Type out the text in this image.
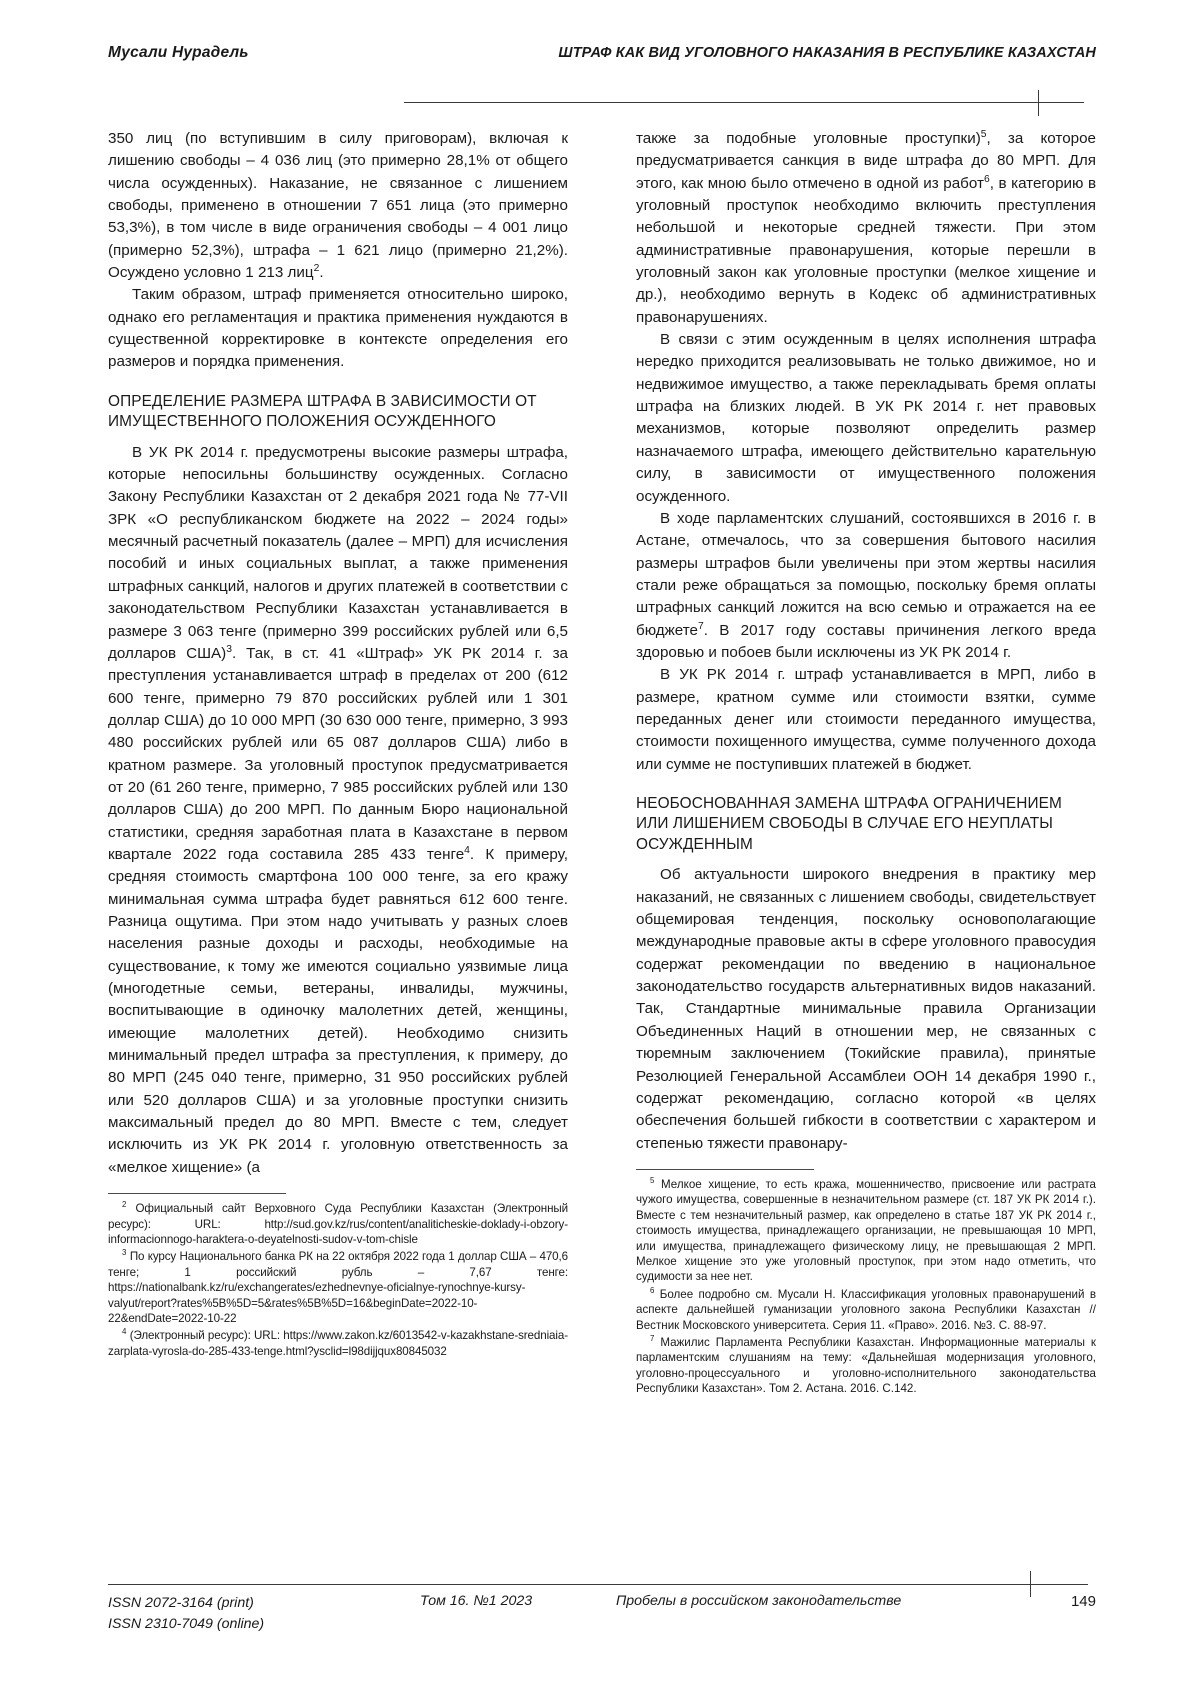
Мусали Нурадель	ШТРАФ КАК ВИД УГОЛОВНОГО НАКАЗАНИЯ В РЕСПУБЛИКЕ КАЗАХСТАН

350 лиц (по вступившим в силу приговорам), включая к лишению свободы – 4 036 лиц (это примерно 28,1% от общего числа осужденных). Наказание, не связанное с лишением свободы, применено в отношении 7 651 лица (это примерно 53,3%), в том числе в виде ограничения свободы – 4 001 лицо (примерно 52,3%), штрафа – 1 621 лицо (примерно 21,2%). Осуждено условно 1 213 лиц$^2$.

Таким образом, штраф применяется относительно широко, однако его регламентация и практика применения нуждаются в существенной корректировке в контексте определения его размеров и порядка применения.

ОПРЕДЕЛЕНИЕ РАЗМЕРА ШТРАФА В ЗАВИСИМОСТИ ОТ ИМУЩЕСТВЕННОГО ПОЛОЖЕНИЯ ОСУЖДЕННОГО

В УК РК 2014 г. предусмотрены высокие размеры штрафа, которые непосильны большинству осужденных. Согласно Закону Республики Казахстан от 2 декабря 2021 года № 77-VII ЗРК «О республиканском бюджете на 2022 – 2024 годы» месячный расчетный показатель (далее – МРП) для исчисления пособий и иных социальных выплат, а также применения штрафных санкций, налогов и других платежей в соответствии с законодательством Республики Казахстан устанавливается в размере 3 063 тенге (примерно 399 российских рублей или 6,5 долларов США)$^3$. Так, в ст. 41 «Штраф» УК РК 2014 г. за преступления устанавливается штраф в пределах от 200 (612 600 тенге, примерно 79 870 российских рублей или 1 301 доллар США) до 10 000 МРП (30 630 000 тенге, примерно, 3 993 480 российских рублей или 65 087 долларов США) либо в кратном размере. За уголовный проступок предусматривается от 20 (61 260 тенге, примерно, 7 985 российских рублей или 130 долларов США) до 200 МРП. По данным Бюро национальной статистики, средняя заработная плата в Казахстане в первом квартале 2022 года составила 285 433 тенге$^4$. К примеру, средняя стоимость смартфона 100 000 тенге, за его кражу минимальная сумма штрафа будет равняться 612 600 тенге. Разница ощутима. При этом надо учитывать у разных слоев населения разные доходы и расходы, необходимые на существование, к тому же имеются социально уязвимые лица (многодетные семьи, ветераны, инвалиды, мужчины, воспитывающие в одиночку малолетних детей, женщины, имеющие малолетних детей). Необходимо снизить минимальный предел штрафа за преступления, к примеру, до 80 МРП (245 040 тенге, примерно, 31 950 российских рублей или 520 долларов США) и за уголовные проступки снизить максимальный предел до 80 МРП. Вместе с тем, следует исключить из УК РК 2014 г. уголовную ответственность за «мелкое хищение» (а

$^2$ Официальный сайт Верховного Суда Республики Казахстан (Электронный ресурс): URL: http://sud.gov.kz/rus/content/analiticheskie-doklady-i-obzory-informacionnogo-haraktera-o-deyatelnosti-sudov-v-tom-chisle

$^3$ По курсу Национального банка РК на 22 октября 2022 года 1 доллар США – 470,6 тенге; 1 российский рубль – 7,67 тенге: https://nationalbank.kz/ru/exchangerates/ezhednevnye-oficialnye-rynochnye-kursy-valyut/report?rates%5B%5D=5&rates%5B%5D=16&beginDate=2022-10-22&endDate=2022-10-22

$^4$ (Электронный ресурс): URL: https://www.zakon.kz/6013542-v-kazakhstane-sredniaia-zarplata-vyrosla-do-285-433-tenge.html?ysclid=l98dijjqux80845032

также за подобные уголовные проступки)$^5$, за которое предусматривается санкция в виде штрафа до 80 МРП. Для этого, как мною было отмечено в одной из работ$^6$, в категорию в уголовный проступок необходимо включить преступления небольшой и некоторые средней тяжести. При этом административные правонарушения, которые перешли в уголовный закон как уголовные проступки (мелкое хищение и др.), необходимо вернуть в Кодекс об административных правонарушениях.

В связи с этим осужденным в целях исполнения штрафа нередко приходится реализовывать не только движимое, но и недвижимое имущество, а также перекладывать бремя оплаты штрафа на близких людей. В УК РК 2014 г. нет правовых механизмов, которые позволяют определить размер назначаемого штрафа, имеющего действительно карательную силу, в зависимости от имущественного положения осужденного.

В ходе парламентских слушаний, состоявшихся в 2016 г. в Астане, отмечалось, что за совершения бытового насилия размеры штрафов были увеличены при этом жертвы насилия стали реже обращаться за помощью, поскольку бремя оплаты штрафных санкций ложится на всю семью и отражается на ее бюджете$^7$. В 2017 году составы причинения легкого вреда здоровью и побоев были исключены из УК РК 2014 г.

В УК РК 2014 г. штраф устанавливается в МРП, либо в размере, кратном сумме или стоимости взятки, сумме переданных денег или стоимости переданного имущества, стоимости похищенного имущества, сумме полученного дохода или сумме не поступивших платежей в бюджет.

НЕОБОСНОВАННАЯ ЗАМЕНА ШТРАФА ОГРАНИЧЕНИЕМ ИЛИ ЛИШЕНИЕМ СВОБОДЫ В СЛУЧАЕ ЕГО НЕУПЛАТЫ ОСУЖДЕННЫМ

Об актуальности широкого внедрения в практику мер наказаний, не связанных с лишением свободы, свидетельствует общемировая тенденция, поскольку основополагающие международные правовые акты в сфере уголовного правосудия содержат рекомендации по введению в национальное законодательство государств альтернативных видов наказаний. Так, Стандартные минимальные правила Организации Объединенных Наций в отношении мер, не связанных с тюремным заключением (Токийские правила), принятые Резолюцией Генеральной Ассамблеи ООН 14 декабря 1990 г., содержат рекомендацию, согласно которой «в целях обеспечения большей гибкости в соответствии с характером и степенью тяжести правонару-

$^5$ Мелкое хищение, то есть кража, мошенничество, присвоение или растрата чужого имущества, совершенные в незначительном размере (ст. 187 УК РК 2014 г.). Вместе с тем незначительный размер, как определено в статье 187 УК РК 2014 г., стоимость имущества, принадлежащего организации, не превышающая 10 МРП, или имущества, принадлежащего физическому лицу, не превышающая 2 МРП. Мелкое хищение это уже уголовный проступок, при этом надо отметить, что судимости за нее нет.

$^6$ Более подробно см. Мусали Н. Классификация уголовных правонарушений в аспекте дальнейшей гуманизации уголовного закона Республики Казахстан // Вестник Московского университета. Серия 11. «Право». 2016. №3. С. 88-97.

$^7$ Мажилис Парламента Республики Казахстан. Информационные материалы к парламентским слушаниям на тему: «Дальнейшая модернизация уголовного, уголовно-процессуального и уголовно-исполнительного законодательства Республики Казахстан». Том 2. Астана. 2016. С.142.

ISSN 2072-3164 (print)
ISSN 2310-7049 (online)
Том 16. №1 2023	Пробелы в российском законодательстве	149
